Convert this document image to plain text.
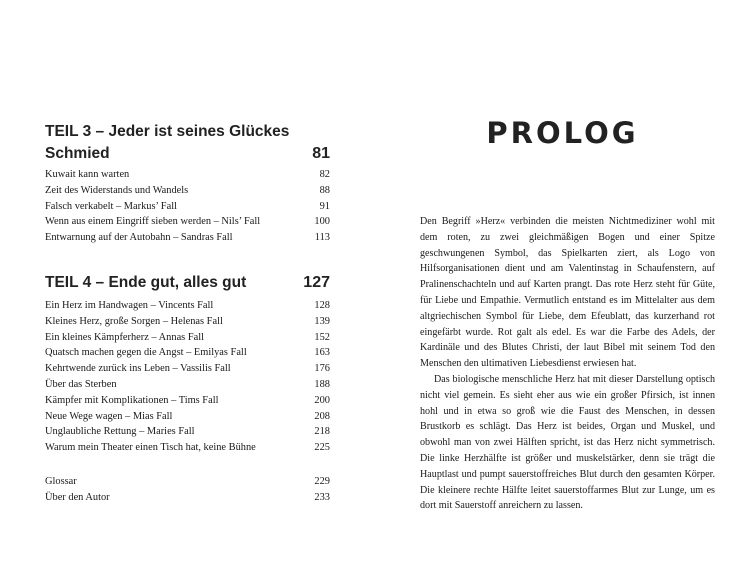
TEIL 3 – Jeder ist seines Glückes Schmied	81
Kuwait kann warten	82
Zeit des Widerstands und Wandels	88
Falsch verkabelt – Markus’ Fall	91
Wenn aus einem Eingriff sieben werden – Nils’ Fall	100
Entwarnung auf der Autobahn – Sandras Fall	113
TEIL 4 – Ende gut, alles gut	127
Ein Herz im Handwagen – Vincents Fall	128
Kleines Herz, große Sorgen – Helenas Fall	139
Ein kleines Kämpferherz – Annas Fall	152
Quatsch machen gegen die Angst – Emilyas Fall	163
Kehrtwende zurück ins Leben – Vassilis Fall	176
Über das Sterben	188
Kämpfer mit Komplikationen – Tims Fall	200
Neue Wege wagen – Mias Fall	208
Unglaubliche Rettung – Maries Fall	218
Warum mein Theater einen Tisch hat, keine Bühne	225
Glossar	229
Über den Autor	233
PROLOG

Den Begriff »Herz« verbinden die meisten Nichtmediziner wohl mit dem roten, zu zwei gleichmäßigen Bogen und einer Spitze geschwungenen Symbol, das Spielkarten ziert, als Logo von Hilfsorganisationen dient und am Valentinstag in Schaufenstern, auf Pralinenschachteln und auf Karten prangt. Das rote Herz steht für Güte, für Liebe und Empathie. Vermutlich entstand es im Mittelalter aus dem altgriechischen Symbol für Liebe, dem Efeublatt, das kurzerhand rot eingefärbt wurde. Rot galt als edel. Es war die Farbe des Adels, der Kardinäle und des Blutes Christi, der laut Bibel mit seinem Tod den Menschen den ultimativen Liebesdienst erwiesen hat.

Das biologische menschliche Herz hat mit dieser Darstellung optisch nicht viel gemein. Es sieht eher aus wie ein großer Pfirsich, ist innen hohl und in etwa so groß wie die Faust des Menschen, in dessen Brustkorb es schlägt. Das Herz ist beides, Organ und Muskel, und obwohl man von zwei Hälften spricht, ist das Herz nicht symmetrisch. Die linke Herzhälfte ist größer und muskelstärker, denn sie trägt die Hauptlast und pumpt sauerstoffreiches Blut durch den gesamten Körper. Die kleinere rechte Hälfte leitet sauerstoffarmes Blut zur Lunge, um es dort mit Sauerstoff anreichern zu lassen.
